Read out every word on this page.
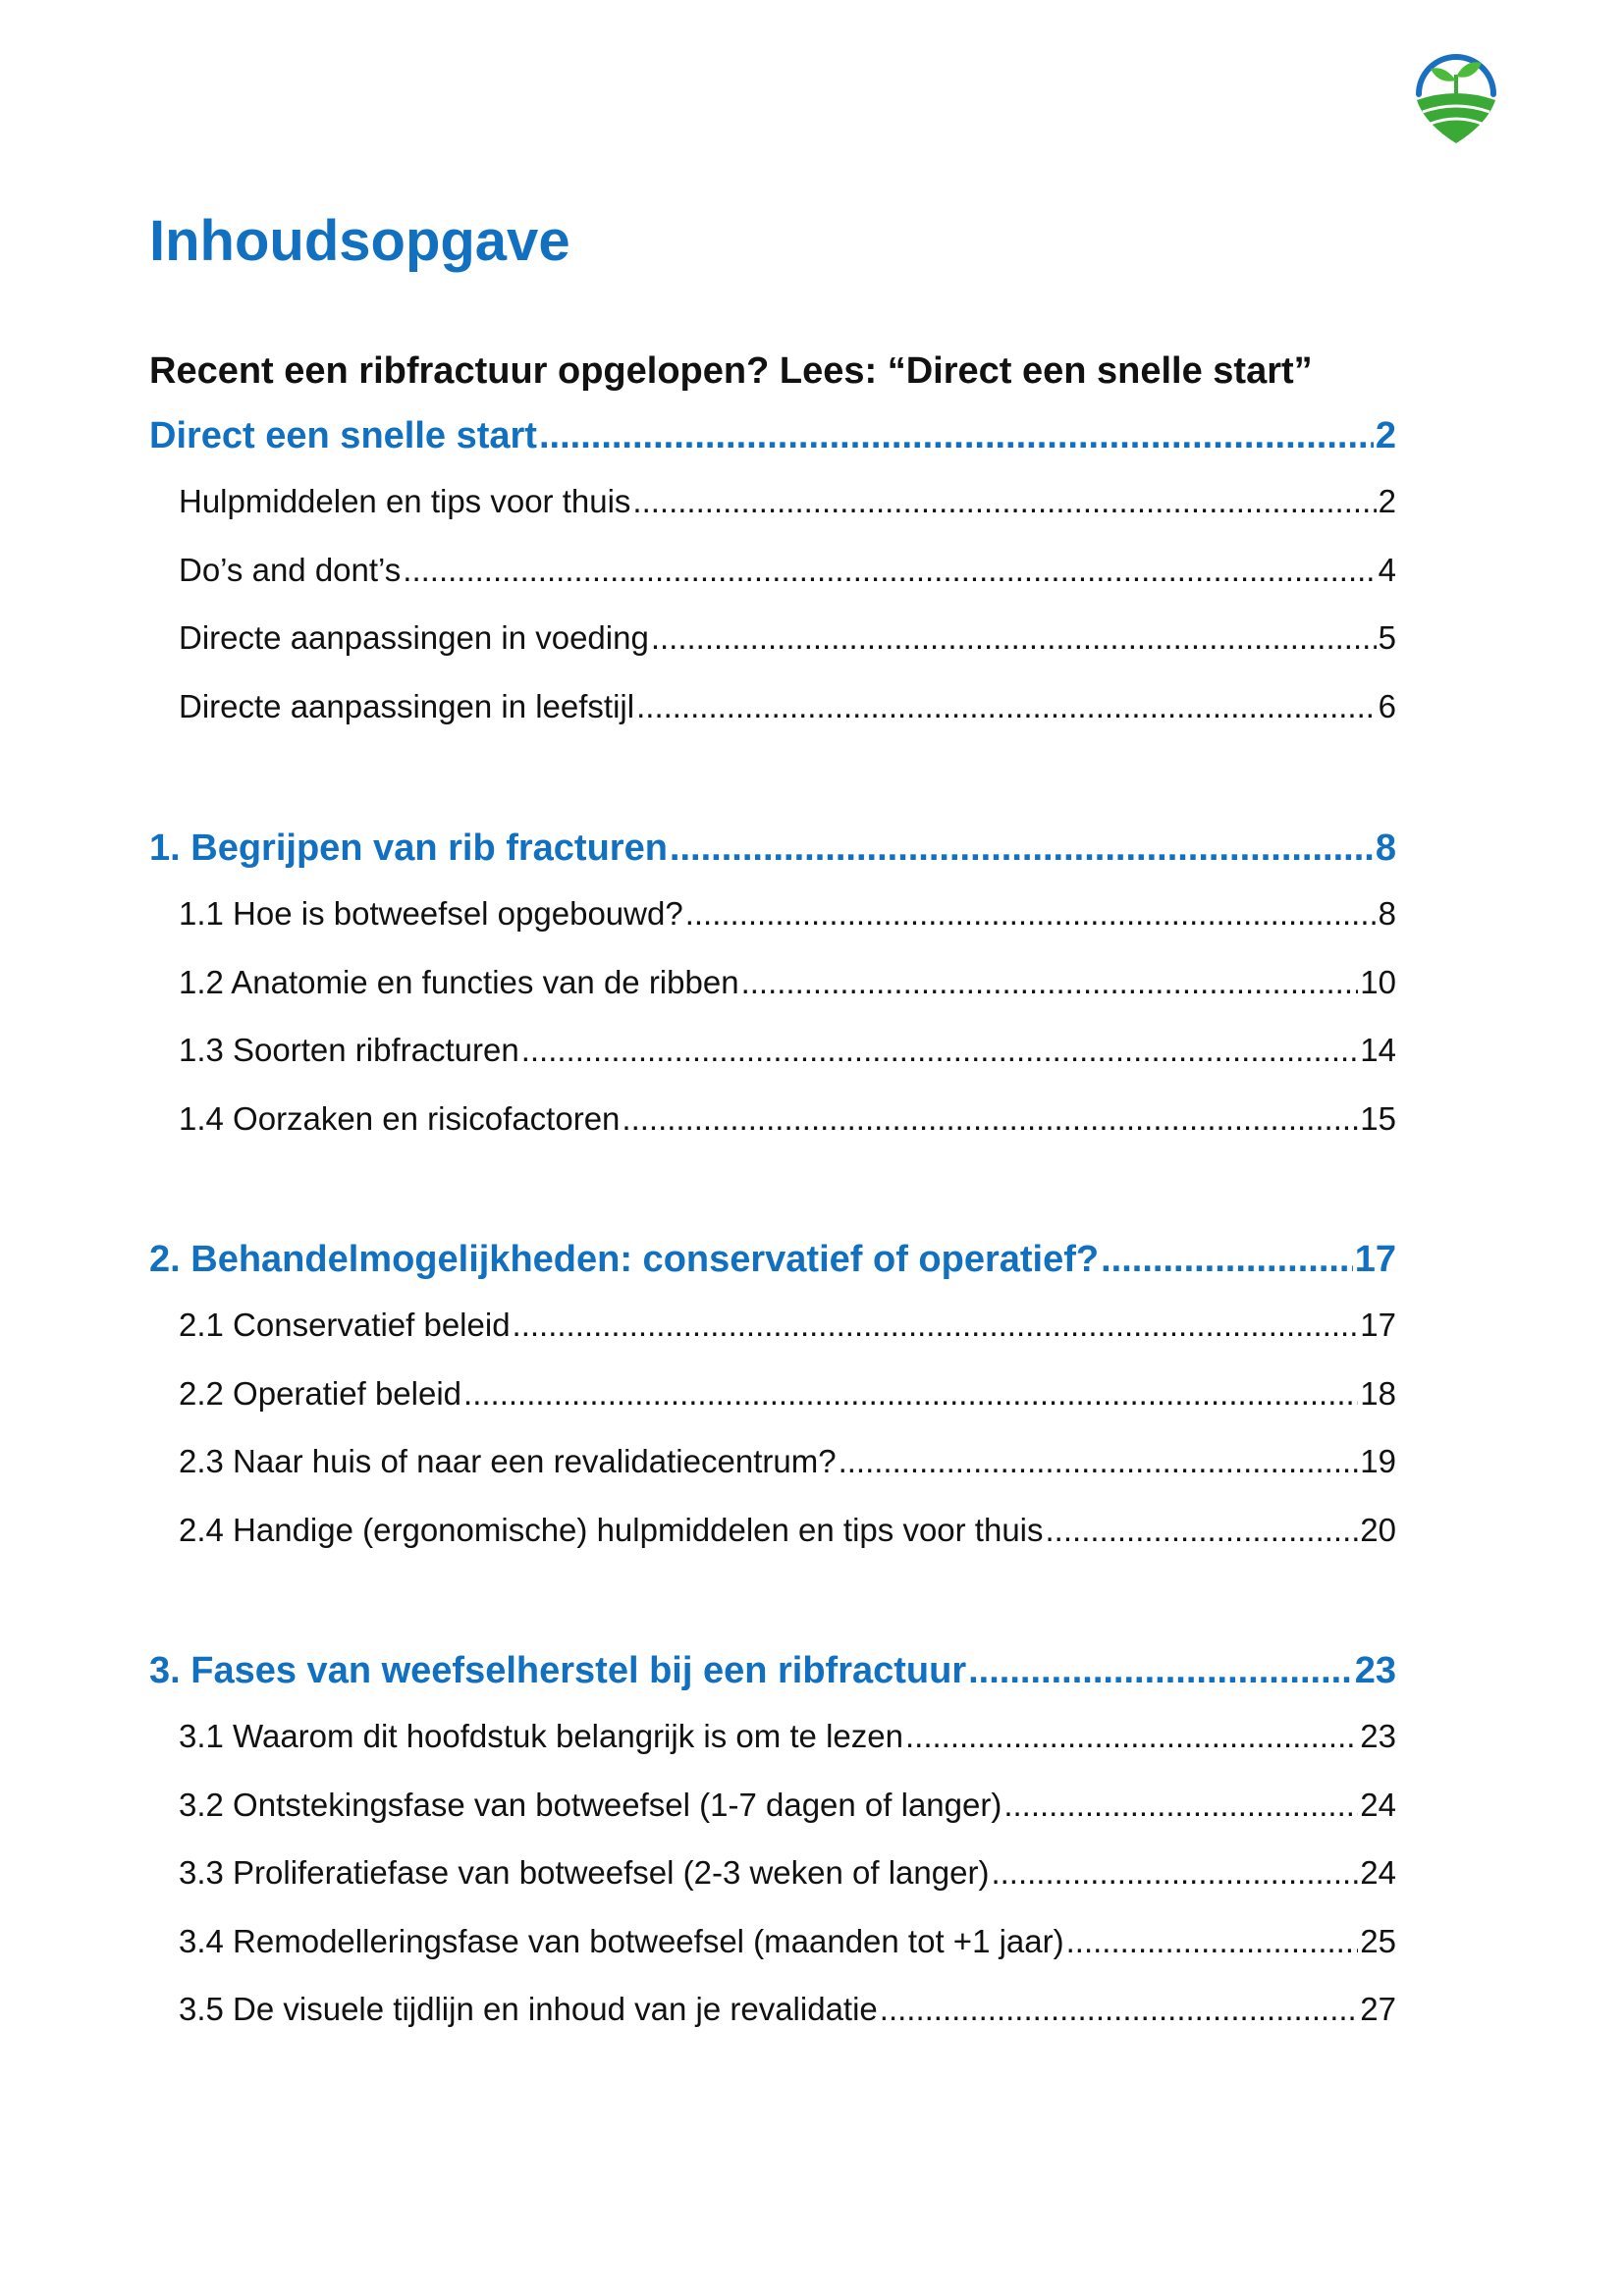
Inhoudsopgave
Recent een ribfractuur opgelopen? Lees: “Direct een snelle start”
Direct een snelle start .....	2
Hulpmiddelen en tips voor thuis .....	2
Do’s and dont’s .....	4
Directe aanpassingen in voeding .....	5
Directe aanpassingen in leefstijl .....	6
1. Begrijpen van rib fracturen .....	8
1.1 Hoe is botweefsel opgebouwd? .....	8
1.2 Anatomie en functies van de ribben .....	10
1.3 Soorten ribfracturen .....	14
1.4 Oorzaken en risicofactoren .....	15
2. Behandelmogelijkheden: conservatief of operatief? .....	17
2.1 Conservatief beleid .....	17
2.2 Operatief beleid .....	18
2.3 Naar huis of naar een revalidatiecentrum? .....	19
2.4 Handige (ergonomische) hulpmiddelen en tips voor thuis .....	20
3. Fases van weefselherstel bij een ribfractuur .....	23
3.1 Waarom dit hoofdstuk belangrijk is om te lezen .....	23
3.2 Ontstekingsfase van botweefsel (1-7 dagen of langer) .....	24
3.3 Proliferatiefase van botweefsel (2-3 weken of langer) .....	24
3.4 Remodelleringsfase van botweefsel (maanden tot +1 jaar) .....	25
3.5 De visuele tijdlijn en inhoud van je revalidatie .....	27
